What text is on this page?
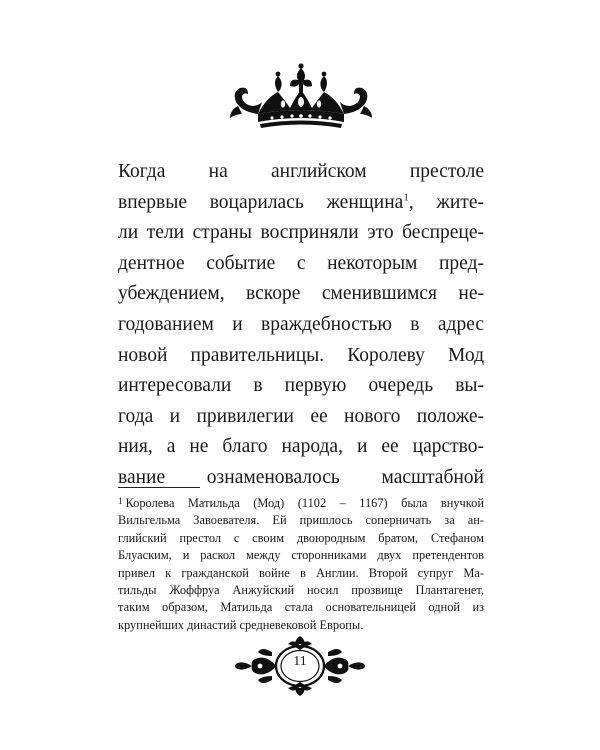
Когда на английском престоле
впервые воцарилась женщина$^1$, жите-
ли тели страны восприняли это беспрецe-
дентное событие с некоторым пред-
убеждением, вскоре сменившимся не-
годованием и враждебностью в адрес
новой правительницы. Королеву Мод
интересовали в первую очередь вы-
года и привилегии ее нового положе-
ния, а не благо народа, и ее царство-
вание ознаменовалось масштабной
$^1$ Королева Матильда (Мод) (1102 – 1167) была внучкой
Вильгельма Завоевателя. Ей пришлось соперничать за ан-
глийский престол с своим двоюродным братом, Стефаном
Блуаским, и раскол между сторонниками двух претендентов
привел к гражданской войне в Англии. Второй супруг Ма-
тильды Жоффруа Анжуйский носил прозвище Плантагенет,
таким образом, Матильда стала основательницей одной из
крупнейших династий средневековой Европы.
11
